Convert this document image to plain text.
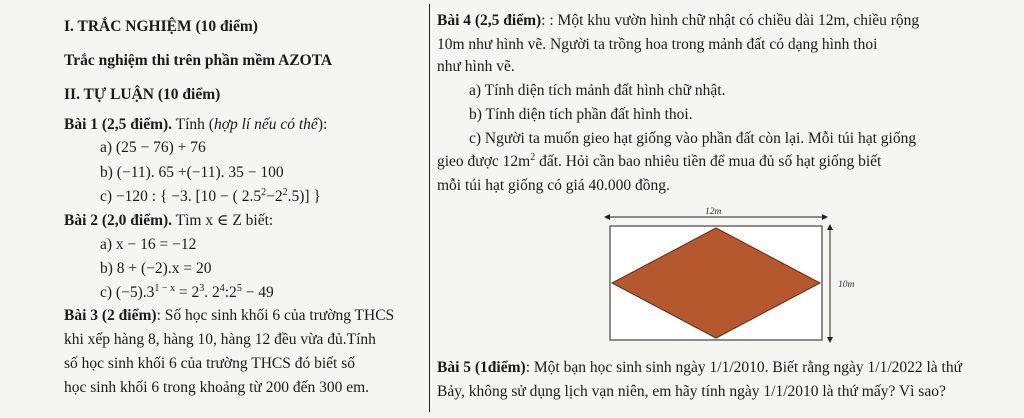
I. TRẮC NGHIỆM (10 điểm)
Trắc nghiệm thi trên phần mềm AZOTA
II. TỰ LUẬN (10 điểm)
Bài 1 (2,5 điểm). Tính (hợp lí nếu có thể):
a) (25 − 76) + 76
b) (−11). 65 +(−11). 35 − 100
c) −120 : { −3. [10 − ( $2.5^2-2^2.5$)] }
Bài 2 (2,0 điểm). Tìm x ∈ Z biết:
a) x − 16 = −12
b) 8 + (−2).x = 20
c) $(-5).3^{1 - x} = 2^3$. $2^4:2^5 - 49$
Bài 3 (2 điểm): Số học sinh khối 6 của trường THCS
khi xếp hàng 8, hàng 10, hàng 12 đều vừa đủ.Tính
số học sinh khối 6 của trường THCS đó biết số
học sinh khối 6 trong khoảng từ 200 đến 300 em.
Bài 4 (2,5 điểm): : Một khu vườn hình chữ nhật có chiều dài 12m, chiều rộng
10m như hình vẽ. Người ta trồng hoa trong mảnh đất có dạng hình thoi
như hình vẽ.
a) Tính diện tích mảnh đất hình chữ nhật.
b) Tính diện tích phần đất hình thoi.
c) Người ta muốn gieo hạt giống vào phần đất còn lại. Mỗi túi hạt giống
gieo được $12m^2$ đất. Hỏi cần bao nhiêu tiền để mua đủ số hạt giống biết
mỗi túi hạt giống có giá 40.000 đồng.
12m
10m
Bài 5 (1điểm): Một bạn học sinh sinh ngày 1/1/2010. Biết rằng ngày 1/1/2022 là thứ
Bảy, không sử dụng lịch vạn niên, em hãy tính ngày 1/1/2010 là thứ mấy? Vì sao?
